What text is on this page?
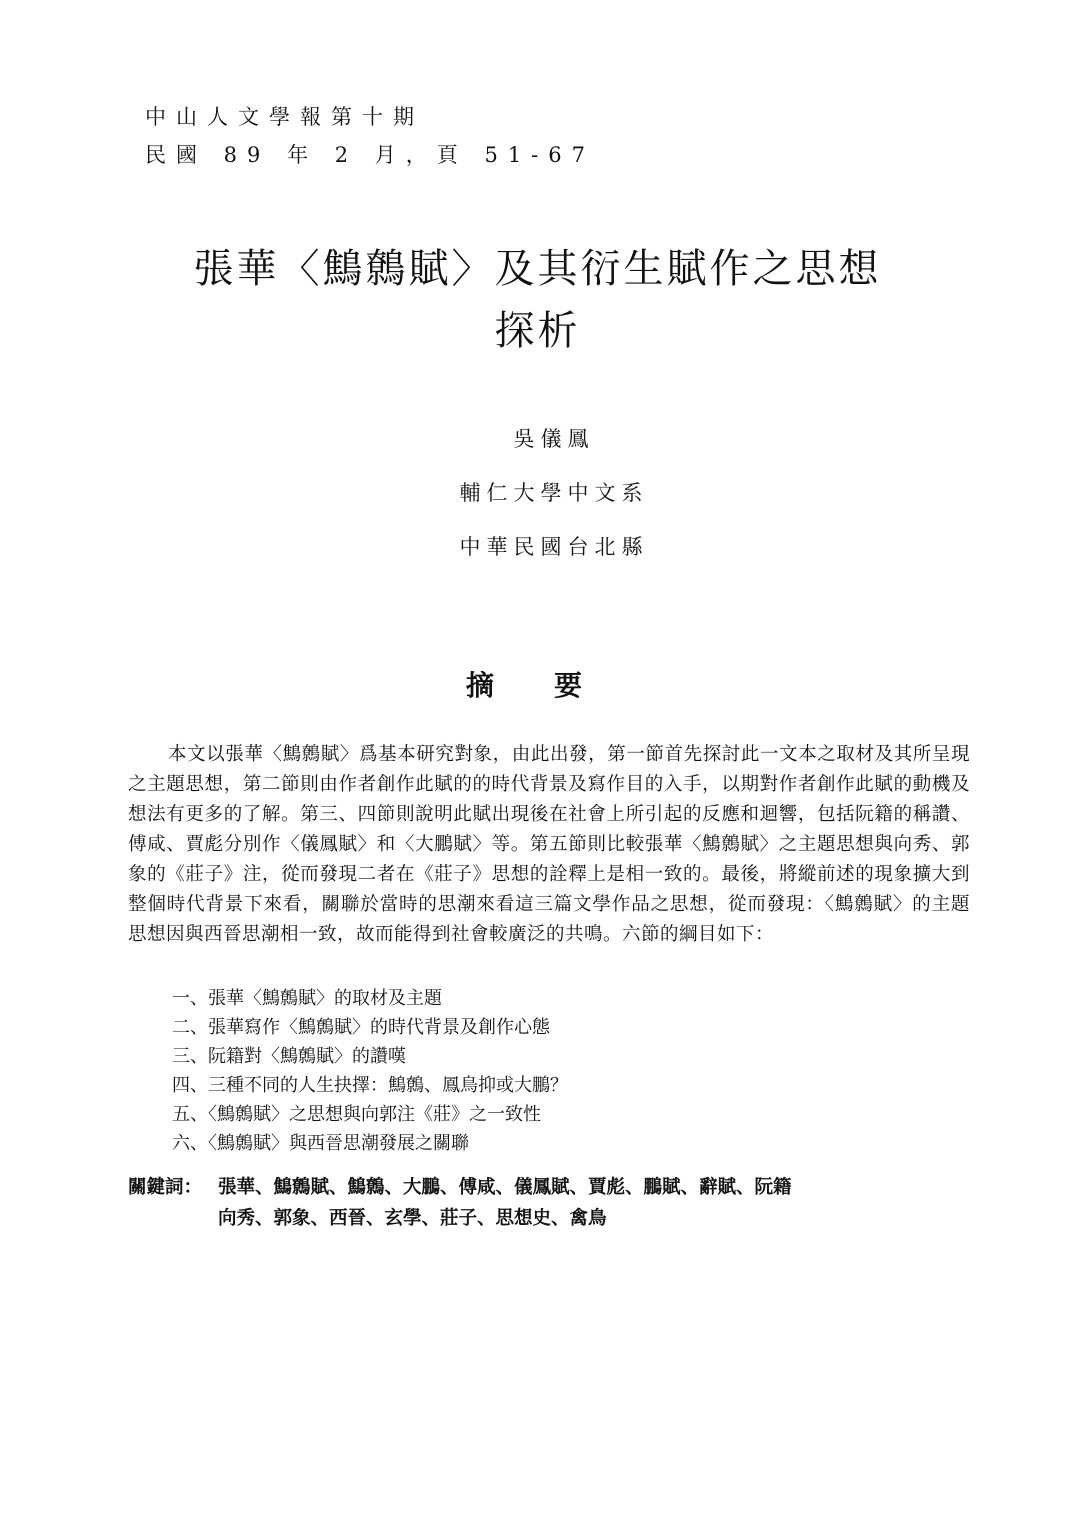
中山人文學報第十期
民國 89 年 2 月，頁 51-67
張華〈鷦鷯賦〉及其衍生賦作之思想
探析
吳儀鳳
輔仁大學中文系
中華民國台北縣
摘要
本文以張華〈鷦鷯賦〉爲基本研究對象，由此出發，第一節首先探討此一文本之取材及其所呈現之主題思想，第二節則由作者創作此賦的的時代背景及寫作目的入手，以期對作者創作此賦的動機及想法有更多的了解。第三、四節則說明此賦出現後在社會上所引起的反應和迴響，包括阮籍的稱讚、傅咸、賈彪分別作〈儀鳳賦〉和〈大鵬賦〉等。第五節則比較張華〈鷦鷯賦〉之主題思想與向秀、郭象的《莊子》注，從而發現二者在《莊子》思想的詮釋上是相一致的。最後，將縱前述的現象擴大到整個時代背景下來看，關聯於當時的思潮來看這三篇文學作品之思想，從而發現：〈鷦鷯賦〉的主題思想因與西晉思潮相一致，故而能得到社會較廣泛的共鳴。六節的綱目如下：
一、張華〈鷦鷯賦〉的取材及主題
二、張華寫作〈鷦鷯賦〉的時代背景及創作心態
三、阮籍對〈鷦鷯賦〉的讚嘆
四、三種不同的人生抉擇：鷦鷯、鳳鳥抑或大鵬？
五、〈鷦鷯賦〉之思想與向郭注《莊》之一致性
六、〈鷦鷯賦〉與西晉思潮發展之關聯
關鍵詞： 張華、鷦鷯賦、鷦鷯、大鵬、傅咸、儀鳳賦、賈彪、鵬賦、辭賦、阮籍
向秀、郭象、西晉、玄學、莊子、思想史、禽鳥
